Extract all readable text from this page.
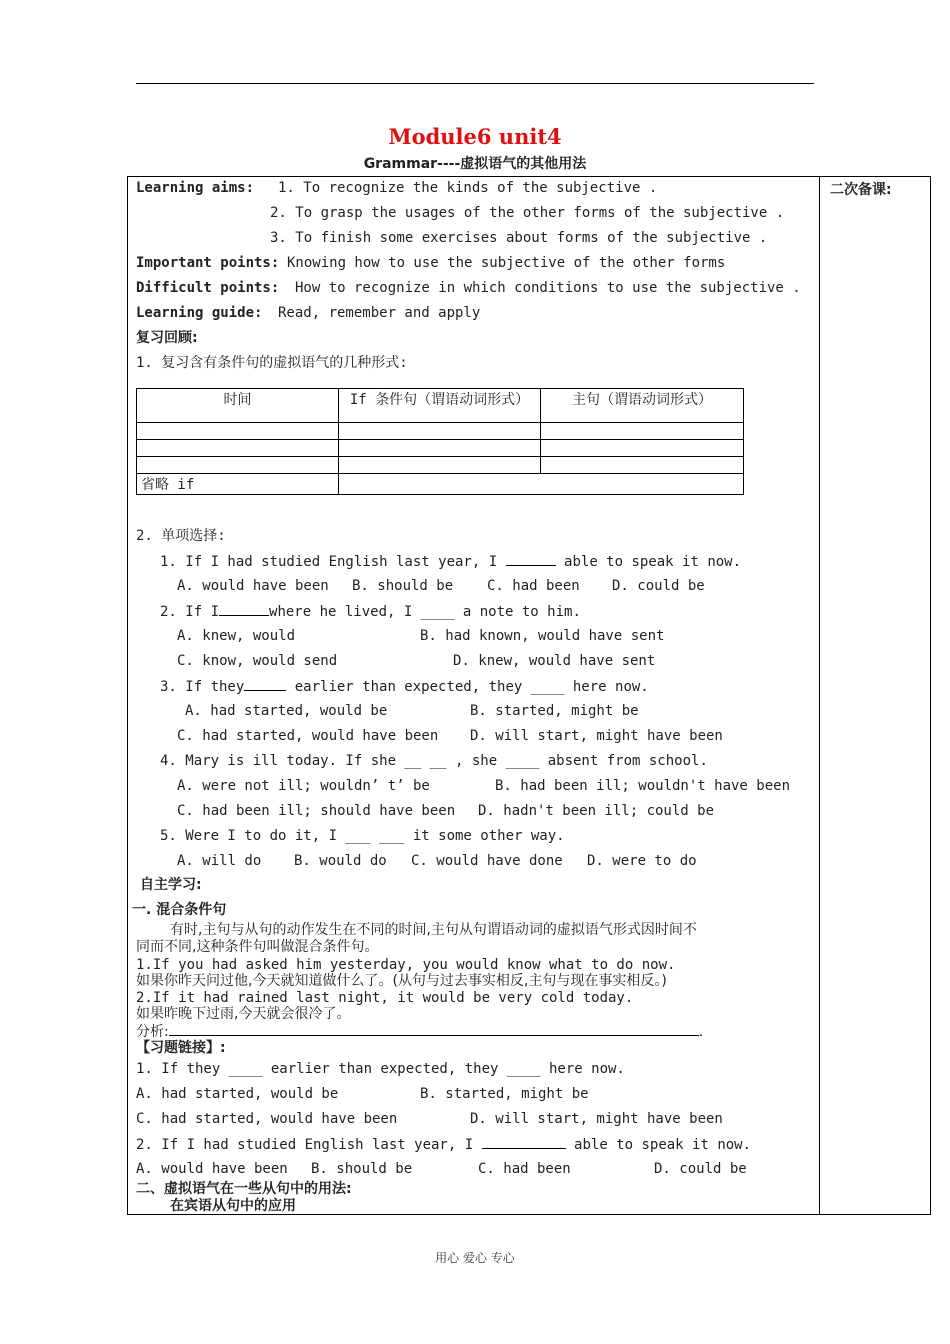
Module6 unit4
Grammar----虚拟语气的其他用法
二次备课:
Learning aims: 1. To recognize the kinds of the subjective .
2. To grasp the usages of the other forms of the subjective .
3. To finish some exercises about forms of the subjective .
Important points: Knowing how to use the subjective of the other forms
Difficult points: How to recognize in which conditions to use the subjective .
Learning guide: Read, remember and apply
复习回顾:
1. 复习含有条件句的虚拟语气的几种形式:
时间	If 条件句（谓语动词形式）	主句（谓语动词形式）

省略 if		
2. 单项选择:
1. If I had studied English last year, I	able to speak it now.
A. would have been B. should be C. had been D. could be
2. If I	where he lived, I ____ a note to him.
A. knew, would	B. had known, would have sent
C. know, would send	D. knew, would have sent
3. If they	earlier than expected, they ____ here now.
A. had started, would be	B. started, might be
C. had started, would have been D. will start, might have been
4. Mary is ill today. If she __ __ , she ____ absent from school.
A. were not ill; wouldn’ t’ be	B. had been ill; wouldn't have been
C. had been ill; should have been D. hadn't been ill; could be
5. Were I to do it, I ___ ___ it some other way.
A. will do B. would do C. would have done D. were to do
自主学习:
一. 混合条件句
有时,主句与从句的动作发生在不同的时间,主句从句谓语动词的虚拟语气形式因时间不
同而不同,这种条件句叫做混合条件句。
1.If you had asked him yesterday, you would know what to do now.
如果你昨天问过他,今天就知道做什么了。(从句与过去事实相反,主句与现在事实相反。)
2.If it had rained last night, it would be very cold today.
如果昨晚下过雨,今天就会很冷了。
分析:	.
【习题链接】:
1. If they ____ earlier than expected, they ____ here now.
A. had started, would be	B. started, might be
C. had started, would have been	D. will start, might have been
2. If I had studied English last year, I	able to speak it now.
A. would have been B. should be	C. had been	D. could be
二、虚拟语气在一些从句中的用法:
在宾语从句中的应用
用心 爱心 专心
